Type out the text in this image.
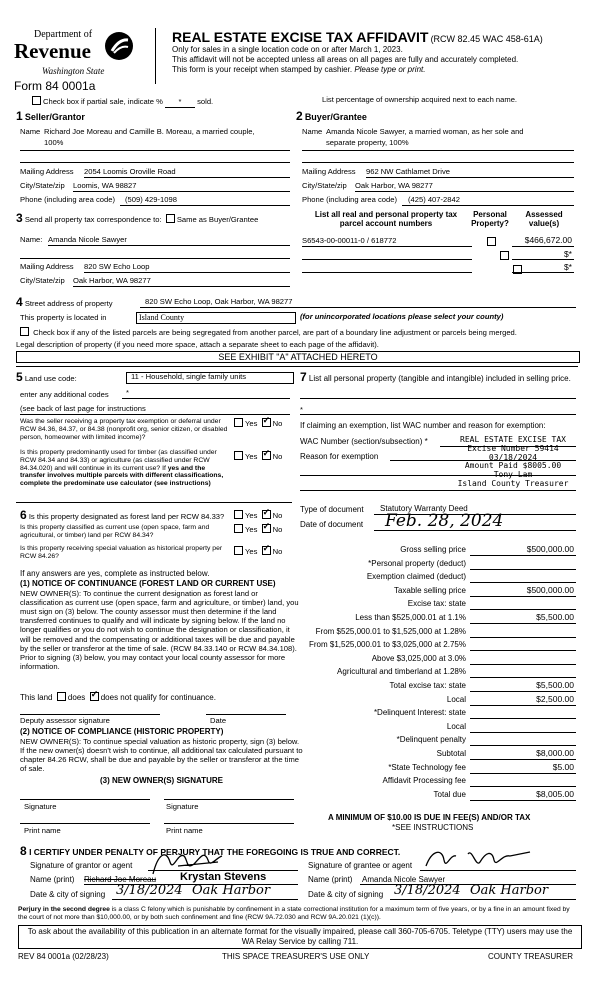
Department of
Revenue
Washington State
Form 84 0001a
REAL ESTATE EXCISE TAX AFFIDAVIT (RCW 82.45 WAC 458-61A)
Only for sales in a single location code on or after March 1, 2023.
This affidavit will not be accepted unless all areas on all pages are fully and accurately completed.
This form is your receipt when stamped by cashier. Please type or print.
Check box if partial sale, indicate % * sold.	List percentage of ownership acquired next to each name.
1 Seller/Grantor
Name Richard Joe Moreau and Camille B. Moreau, a married couple,
100%
Mailing Address 2054 Loomis Oroville Road
City/State/zip Loomis, WA 98827
Phone (including area code) (509) 429-1098
2 Buyer/Grantee
Name Amanda Nicole Sawyer, a married woman, as her sole and
separate property, 100%
Mailing Address 962 NW Cathlamet Drive
City/State/zip Oak Harbor, WA 98277
Phone (including area code) (425) 407-2842
3 Send all property tax correspondence to: Same as Buyer/Grantee
Name: Amanda Nicole Sawyer
Mailing Address 820 SW Echo Loop
City/State/zip Oak Harbor, WA 98277
List all real and personal property tax parcel account numbers
Personal Property?
Assessed value(s)
S6543-00-00011-0 / 618772
	$466,672.00
$*
$*
4 Street address of property	820 SW Echo Loop, Oak Harbor, WA 98277
This property is located in	Island County	(for unincorporated locations please select your county)
Check box if any of the listed parcels are being segregated from another parcel, are part of a boundary line adjustment or parcels being merged.
Legal description of property (if you need more space, attach a separate sheet to each page of the affidavit).
SEE EXHIBIT "A" ATTACHED HERETO
5 Land use code:	11 - Household, single family units
enter any additional codes *
(see back of last page for instructions
Was the seller receiving a property tax exemption or deferral under RCW 84.36, 84.37, or 84.38 (nonprofit org, senior citizen, or disabled person, homeowner with limited income)?
Yes ✓ No
Is this property predominantly used for timber (as classified under RCW 84.34 and 84.33) or agriculture (as classified under RCW 84.34.020) and will continue in its current use? If yes and the transfer involves multiple parcels with different classifications, complete the predominate use calculator (see instructions)
Yes ✓ No
6 Is this property designated as forest land per RCW 84.33?	Yes ✓ No
Is this property classified as current use (open space, farm and agricultural, or timber) land per RCW 84.34?
Yes ✓ No
Is this property receiving special valuation as historical property per RCW 84.26?
Yes ✓ No
If any answers are yes, complete as instructed below.
(1) NOTICE OF CONTINUANCE (FOREST LAND OR CURRENT USE)
NEW OWNER(S): To continue the current designation as forest land or classification as current use (open space, farm and agriculture, or timber) land, you must sign on (3) below. The county assessor must then determine if the land transferred continues to qualify and will indicate by signing below. If the land no longer qualifies or you do not wish to continue the designation or classification, it will be removed and the compensating or additional taxes will be due and payable by the seller or transferor at the time of sale. (RCW 84.33.140 or RCW 84.34.108). Prior to signing (3) below, you may contact your local county assessor for more information.
This land does ✓ does not qualify for continuance.
Deputy assessor signature	Date
(2) NOTICE OF COMPLIANCE (HISTORIC PROPERTY)
NEW OWNER(S): To continue special valuation as historic property, sign (3) below. If the new owner(s) doesn't wish to continue, all additional tax calculated pursuant to chapter 84.26 RCW, shall be due and payable by the seller or transferor at the time of sale.
(3) NEW OWNER(S) SIGNATURE
Signature	Signature
Print name	Print name
7 List all personal property (tangible and intangible) included in selling price.
*
If claiming an exemption, list WAC number and reason for exemption:
WAC Number (section/subsection) *
Reason for exemption
REAL ESTATE EXCISE TAX
Excise Number 59414
03/18/2024
Amount Paid $8005.00
Tony Lam
Island County Treasurer
Type of document Statutory Warranty Deed
Date of document Feb. 28, 2024
Gross selling price	$500,000.00
*Personal property (deduct)
Exemption claimed (deduct)
Taxable selling price	$500,000.00
Excise tax: state
Less than $525,000.01 at 1.1%	$5,500.00
From $525,000.01 to $1,525,000 at 1.28%
From $1,525,000.01 to $3,025,000 at 2.75%
Above $3,025,000 at 3.0%
Agricultural and timberland at 1.28%
Total excise tax: state	$5,500.00
Local	$2,500.00
*Delinquent Interest: state
Local
*Delinquent penalty
Subtotal	$8,000.00
*State Technology fee	$5.00
Affidavit Processing fee
Total due	$8,005.00
A MINIMUM OF $10.00 IS DUE IN FEE(S) AND/OR TAX
*SEE INSTRUCTIONS
8 I CERTIFY UNDER PENALTY OF PERJURY THAT THE FOREGOING IS TRUE AND CORRECT.
Signature of grantor or agent	Signature of grantee or agent
Name (print) Richard Joe Moreau Krystan Stevens	Name (print) Amanda Nicole Sawyer
Date & city of signing 3/18/2024 Oak Harbor	Date & city of signing 3/18/2024 Oak Harbor
Perjury in the second degree is a class C felony which is punishable by confinement in a state correctional institution for a maximum term of five years, or by a fine in an amount fixed by the court of not more than $10,000.00, or by both such confinement and fine (RCW 9A.72.030 and RCW 9A.20.021 (1)(c)).
To ask about the availability of this publication in an alternate format for the visually impaired, please call 360-705-6705. Teletype (TTY) users may use the WA Relay Service by calling 711.
REV 84 0001a (02/28/23)	THIS SPACE TREASURER'S USE ONLY	COUNTY TREASURER
